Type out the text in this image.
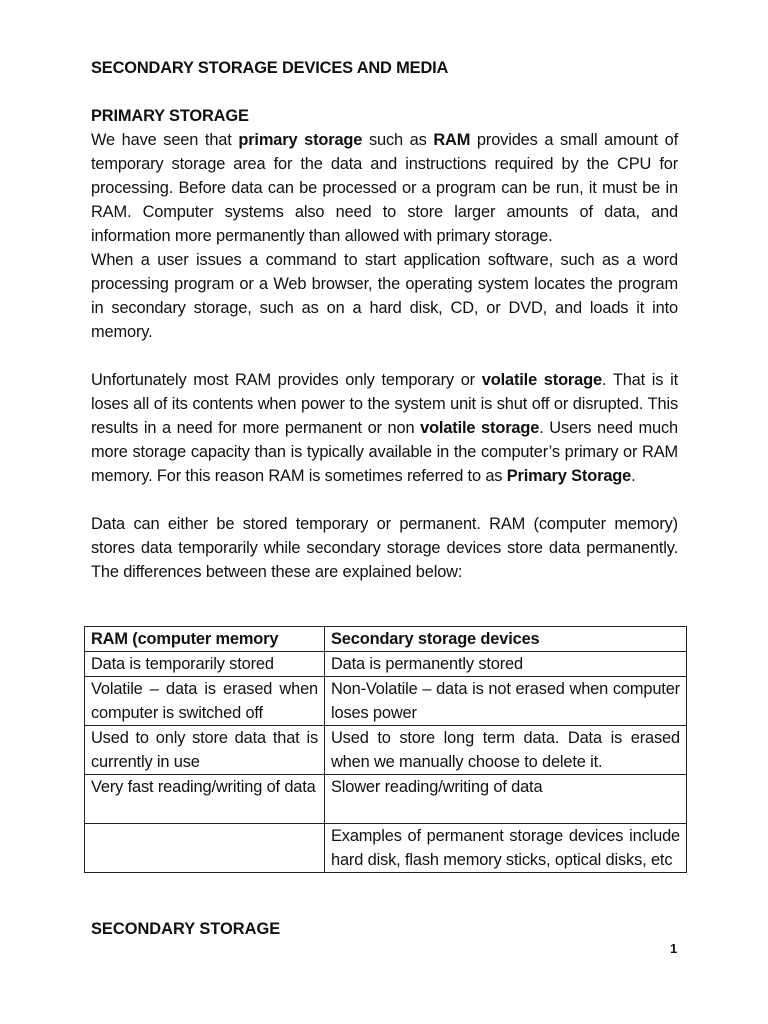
SECONDARY STORAGE DEVICES AND MEDIA
PRIMARY STORAGE

We have seen that primary storage such as RAM provides a small amount of temporary storage area for the data and instructions required by the CPU for processing. Before data can be processed or a program can be run, it must be in RAM. Computer systems also need to store larger amounts of data, and information more permanently than allowed with primary storage.

When a user issues a command to start application software, such as a word processing program or a Web browser, the operating system locates the program in secondary storage, such as on a hard disk, CD, or DVD, and loads it into memory.

Unfortunately most RAM provides only temporary or volatile storage. That is it loses all of its contents when power to the system unit is shut off or disrupted. This results in a need for more permanent or non volatile storage. Users need much more storage capacity than is typically available in the computer’s primary or RAM memory. For this reason RAM is sometimes referred to as Primary Storage.

Data can either be stored temporary or permanent. RAM (computer memory) stores data temporarily while secondary storage devices store data permanently. The differences between these are explained below:

RAM (computer memory	Secondary storage devices
Data is temporarily stored	Data is permanently stored
Volatile – data is erased when computer is switched off	Non-Volatile – data is not erased when computer loses power
Used to only store data that is currently in use	Used to store long term data. Data is erased when we manually choose to delete it.
Very fast reading/writing of data	Slower reading/writing of data
	Examples of permanent storage devices include hard disk, flash memory sticks, optical disks, etc
SECONDARY STORAGE
1
